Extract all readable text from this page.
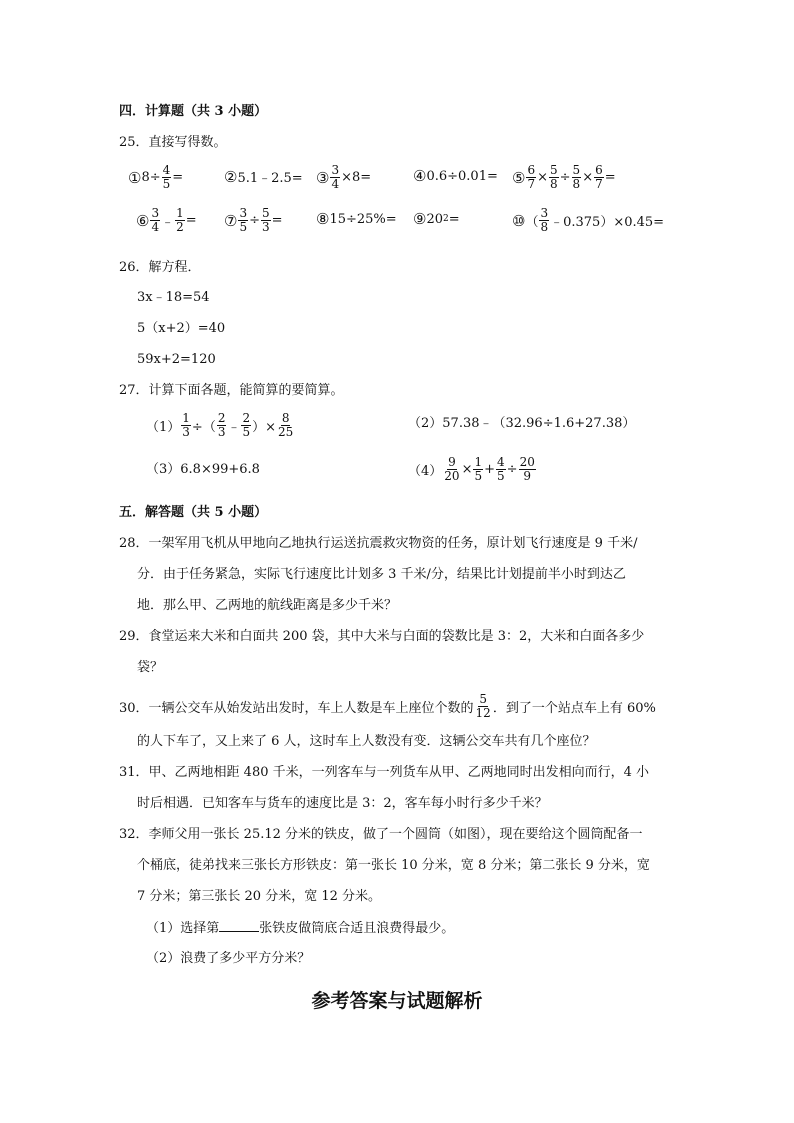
四．计算题（共 3 小题）
25．直接写得数。
① $8\div \frac{4}{5}$ =	② 5.1﹣2.5= ③ $\frac{3}{4} \times 8=$	④ 0.6÷0.01= ⑤ $\frac{6}{7} \times \frac{5}{8} \div \frac{5}{8} \times \frac{6}{7}$ =
⑥ $\frac{3}{4}$ ﹣ $\frac{1}{2}$ = ⑦ $\frac{3}{5} \div \frac{5}{3}$ = ⑧ 15÷25%= ⑨ 20 2 =	⑩ （ $\frac{3}{8}$ ﹣0.375）×0.45=
26．解方程．
3x﹣18=54
5（x+2）=40
59x+2=120
27．计算下面各题，能简算的要简算。
$(1) \frac{1}{3}$ ÷（ $\frac{2}{3}$ ﹣ $\frac{2}{5}$ ）× $\frac{8}{25}$	（2）57.38﹣（32.96÷1.6+27.38）
（3）6.8×99+6.8	$(4) \frac{9}{20} \times \frac{1}{5} + \frac{4}{5} \div \frac{20}{9}$
五．解答题（共 5 小题）
28．一架军用飞机从甲地向乙地执行运送抗震救灾物资的任务，原计划飞行速度是 9 千米/
分．由于任务紧急，实际飞行速度比计划多 3 千米/分，结果比计划提前半小时到达乙
地．那么甲、乙两地的航线距离是多少千米？
29．食堂运来大米和白面共 200 袋，其中大米与白面的袋数比是 3：2，大米和白面各多少
袋？
30．一辆公交车从始发站出发时，车上人数是车上座位个数的 $\frac{5}{12}$ ．到了一个站点车上有 60%
的人下车了，又上来了 6 人，这时车上人数没有变．这辆公交车共有几个座位？
31．甲、乙两地相距 480 千米，一列客车与一列货车从甲、乙两地同时出发相向而行，4 小
时后相遇．已知客车与货车的速度比是 3：2，客车每小时行多少千米？
32．李师父用一张长 25.12 分米的铁皮，做了一个圆筒（如图），现在要给这个圆筒配备一
个桶底，徒弟找来三张长方形铁皮：第一张长 10 分米，宽 8 分米；第二张长 9 分米，宽
7 分米；第三张长 20 分米，宽 12 分米。
（1）选择第	张铁皮做筒底合适且浪费得最少。
（2）浪费了多少平方分米？
参考答案与试题解析
